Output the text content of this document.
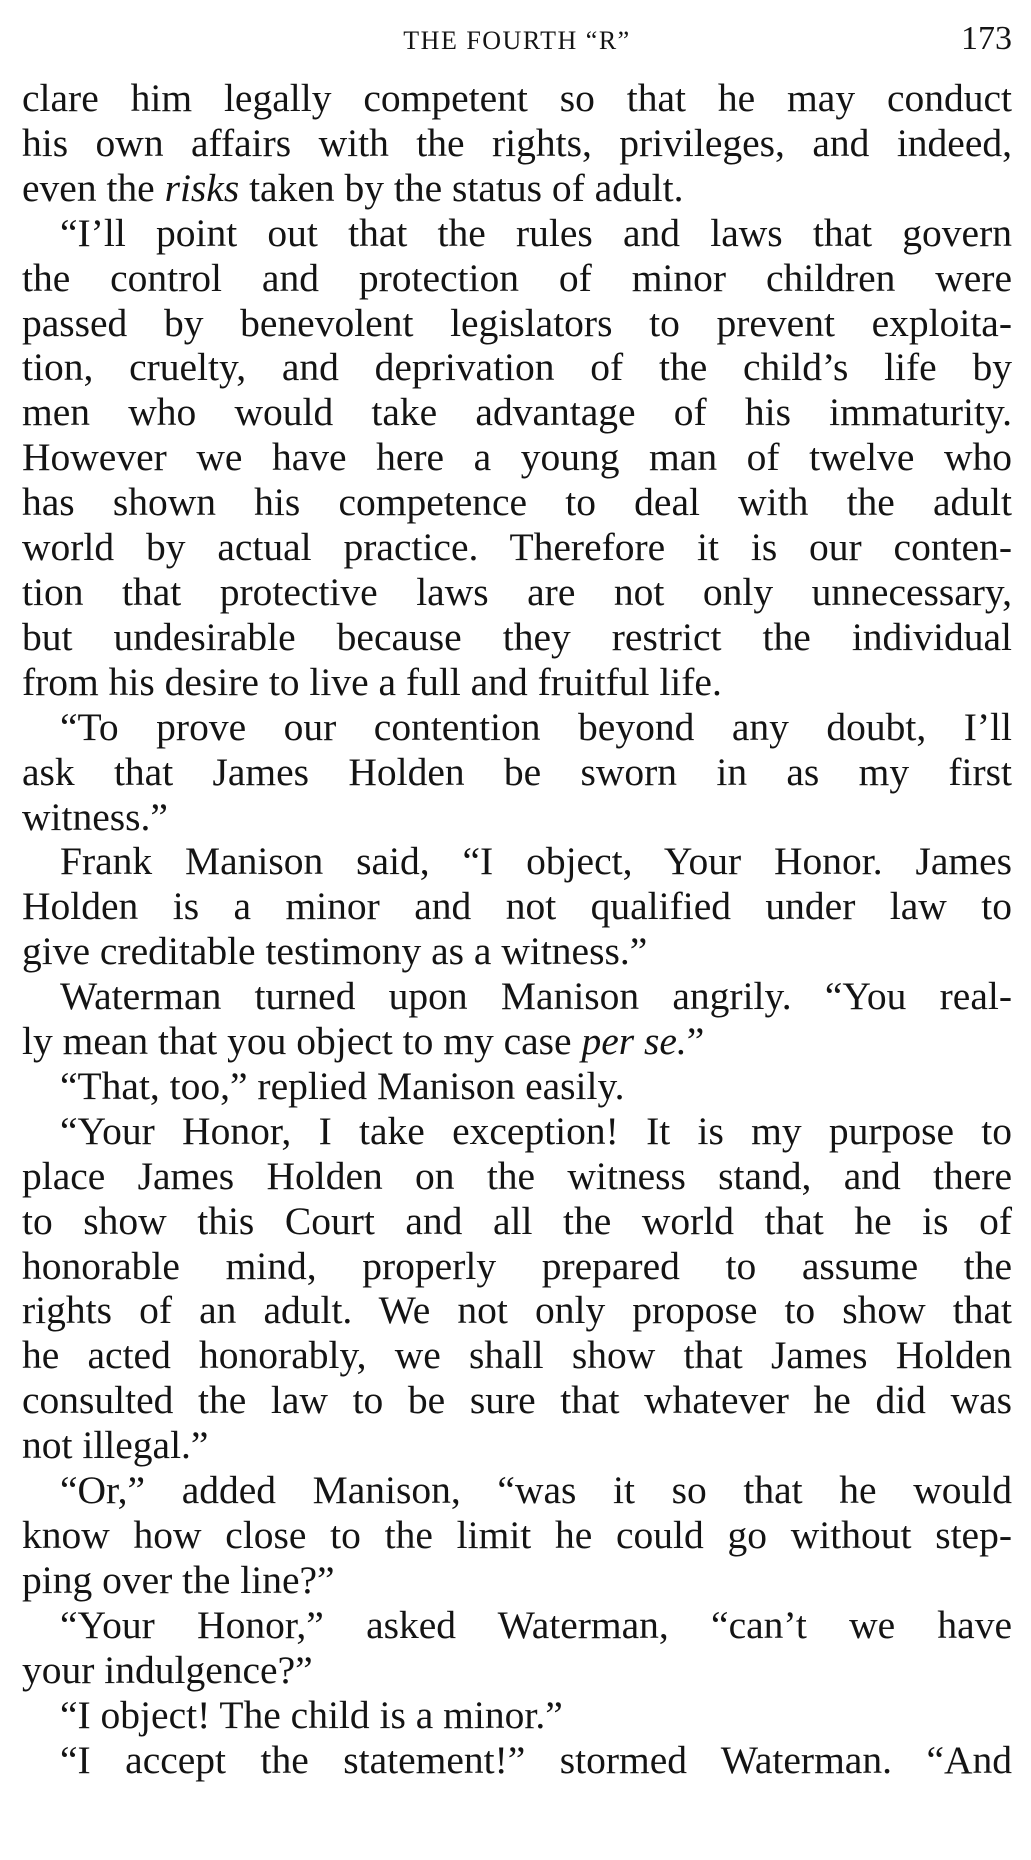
THE FOURTH “R”	173
clare him legally competent so that he may conduct
his own affairs with the rights, privileges, and indeed,
even the risks taken by the status of adult.
“I’ll point out that the rules and laws that govern
the control and protection of minor children were
passed by benevolent legislators to prevent exploita-
tion, cruelty, and deprivation of the child’s life by
men who would take advantage of his immaturity.
However we have here a young man of twelve who
has shown his competence to deal with the adult
world by actual practice. Therefore it is our conten-
tion that protective laws are not only unnecessary,
but undesirable because they restrict the individual
from his desire to live a full and fruitful life.
“To prove our contention beyond any doubt, I’ll
ask that James Holden be sworn in as my first
witness.”
Frank Manison said, “I object, Your Honor. James
Holden is a minor and not qualified under law to
give creditable testimony as a witness.”
Waterman turned upon Manison angrily. “You real-
ly mean that you object to my case per se.”
“That, too,” replied Manison easily.
“Your Honor, I take exception! It is my purpose to
place James Holden on the witness stand, and there
to show this Court and all the world that he is of
honorable mind, properly prepared to assume the
rights of an adult. We not only propose to show that
he acted honorably, we shall show that James Holden
consulted the law to be sure that whatever he did was
not illegal.”
“Or,” added Manison, “was it so that he would
know how close to the limit he could go without step-
ping over the line?”
“Your Honor,” asked Waterman, “can’t we have
your indulgence?”
“I object! The child is a minor.”
“I accept the statement!” stormed Waterman. “And
